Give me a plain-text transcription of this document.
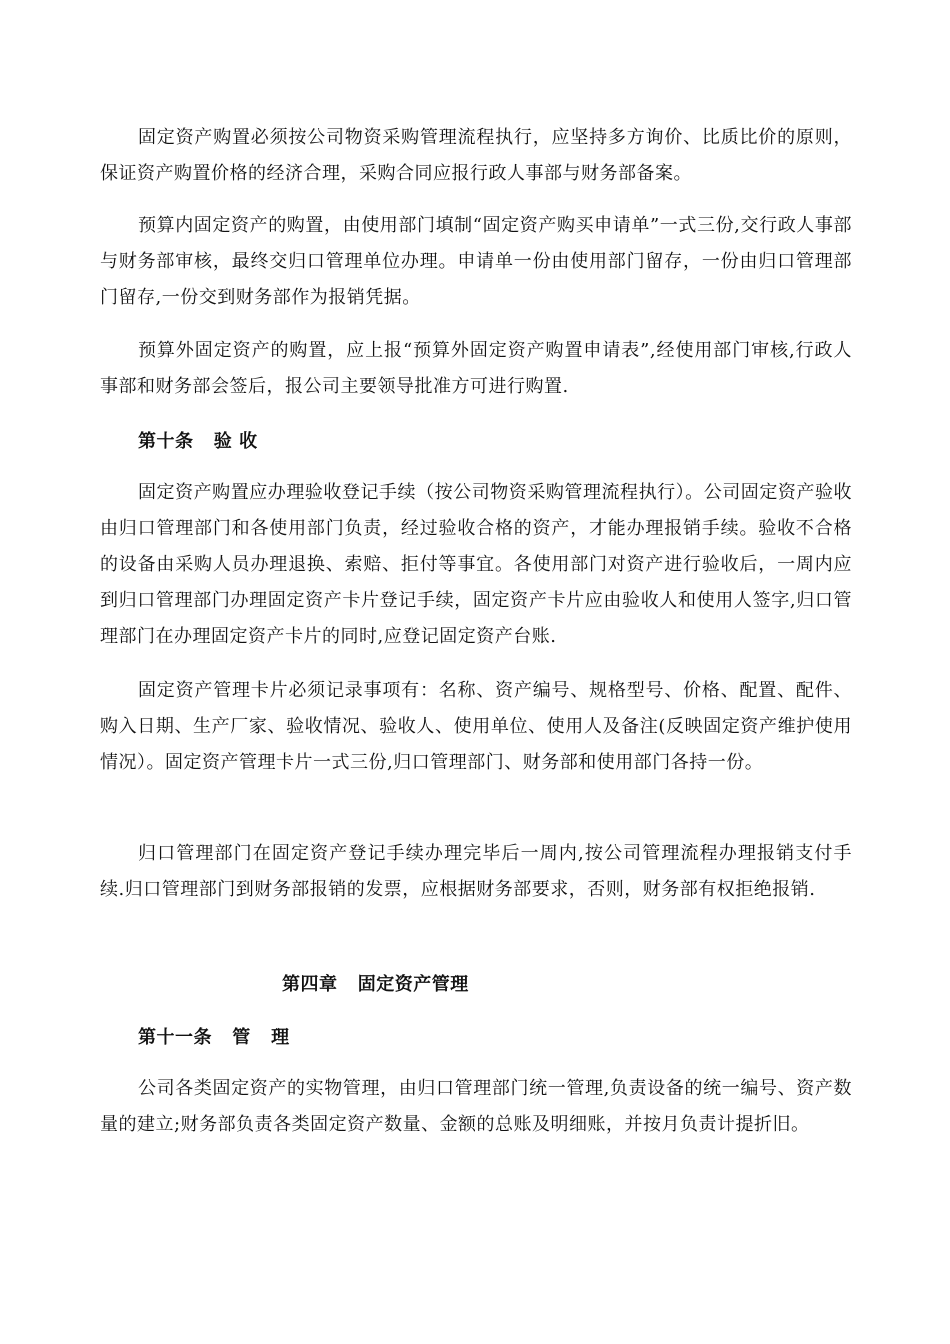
固定资产购置必须按公司物资采购管理流程执行，应坚持多方询价、比质比价的原则，保证资产购置价格的经济合理，采购合同应报行政人事部与财务部备案。

预算内固定资产的购置，由使用部门填制“固定资产购买申请单”一式三份,交行政人事部与财务部审核，最终交归口管理单位办理。申请单一份由使用部门留存，一份由归口管理部门留存,一份交到财务部作为报销凭据。

预算外固定资产的购置，应上报“预算外固定资产购置申请表”,经使用部门审核,行政人事部和财务部会签后，报公司主要领导批准方可进行购置.

第十条   验 收

固定资产购置应办理验收登记手续（按公司物资采购管理流程执行）。公司固定资产验收由归口管理部门和各使用部门负责，经过验收合格的资产，才能办理报销手续。验收不合格的设备由采购人员办理退换、索赔、拒付等事宜。各使用部门对资产进行验收后，一周内应到归口管理部门办理固定资产卡片登记手续，固定资产卡片应由验收人和使用人签字,归口管理部门在办理固定资产卡片的同时,应登记固定资产台账.

固定资产管理卡片必须记录事项有：名称、资产编号、规格型号、价格、配置、配件、购入日期、生产厂家、验收情况、验收人、使用单位、使用人及备注(反映固定资产维护使用情况）。固定资产管理卡片一式三份,归口管理部门、财务部和使用部门各持一份。

归口管理部门在固定资产登记手续办理完毕后一周内,按公司管理流程办理报销支付手续.归口管理部门到财务部报销的发票，应根据财务部要求，否则，财务部有权拒绝报销.

第四章   固定资产管理
第十一条   管   理

公司各类固定资产的实物管理，由归口管理部门统一管理,负责设备的统一编号、资产数量的建立;财务部负责各类固定资产数量、金额的总账及明细账，并按月负责计提折旧。
